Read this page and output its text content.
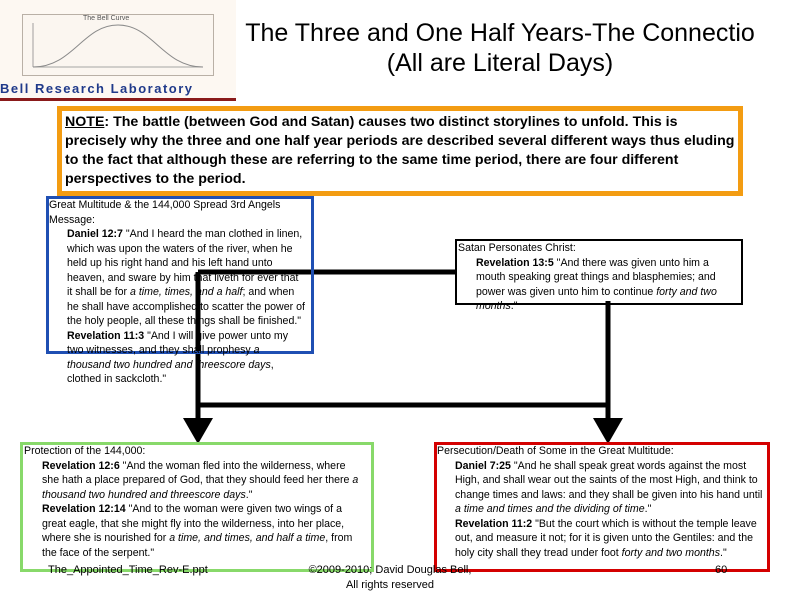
The Bell Curve
Bell Research Laboratory
The Three and One Half Years-The Connectio
(All are Literal Days)
NOTE: The battle (between God and Satan) causes two distinct storylines to unfold. This is precisely why the three and one half year periods are described several different ways thus eluding to the fact that although these are referring to the same time period, there are four different perspectives to the period.
Great Multitude & the 144,000 Spread 3rd Angels Message:
Daniel 12:7 "And I heard the man clothed in linen, which was upon the waters of the river, when he held up his right hand and his left hand unto heaven, and sware by him that liveth for ever that it shall be for a time, times, and a half; and when he shall have accomplished to scatter the power of the holy people, all these things shall be finished."
Revelation 11:3 "And I will give power unto my two witnesses, and they shall prophesy a thousand two hundred and threescore days, clothed in sackcloth."
Satan Personates Christ:
Revelation 13:5 "And there was given unto him a mouth speaking great things and blasphemies; and power was given unto him to continue forty and two months."
Protection of the 144,000:
Revelation 12:6 "And the woman fled into the wilderness, where she hath a place prepared of God, that they should feed her there a thousand two hundred and threescore days."
Revelation 12:14 "And to the woman were given two wings of a great eagle, that she might fly into the wilderness, into her place, where she is nourished for a time, and times, and half a time, from the face of the serpent."
Persecution/Death of Some in the Great Multitude:
Daniel 7:25 "And he shall speak great words against the most High, and shall wear out the saints of the most High, and think to change times and laws: and they shall be given into his hand until a time and times and the dividing of time."
Revelation 11:2 "But the court which is without the temple leave out, and measure it not; for it is given unto the Gentiles: and the holy city shall they tread under foot forty and two months."
The_Appointed_Time_Rev-E.ppt	©2009-2010; David Douglas Bell,
All rights reserved
60
